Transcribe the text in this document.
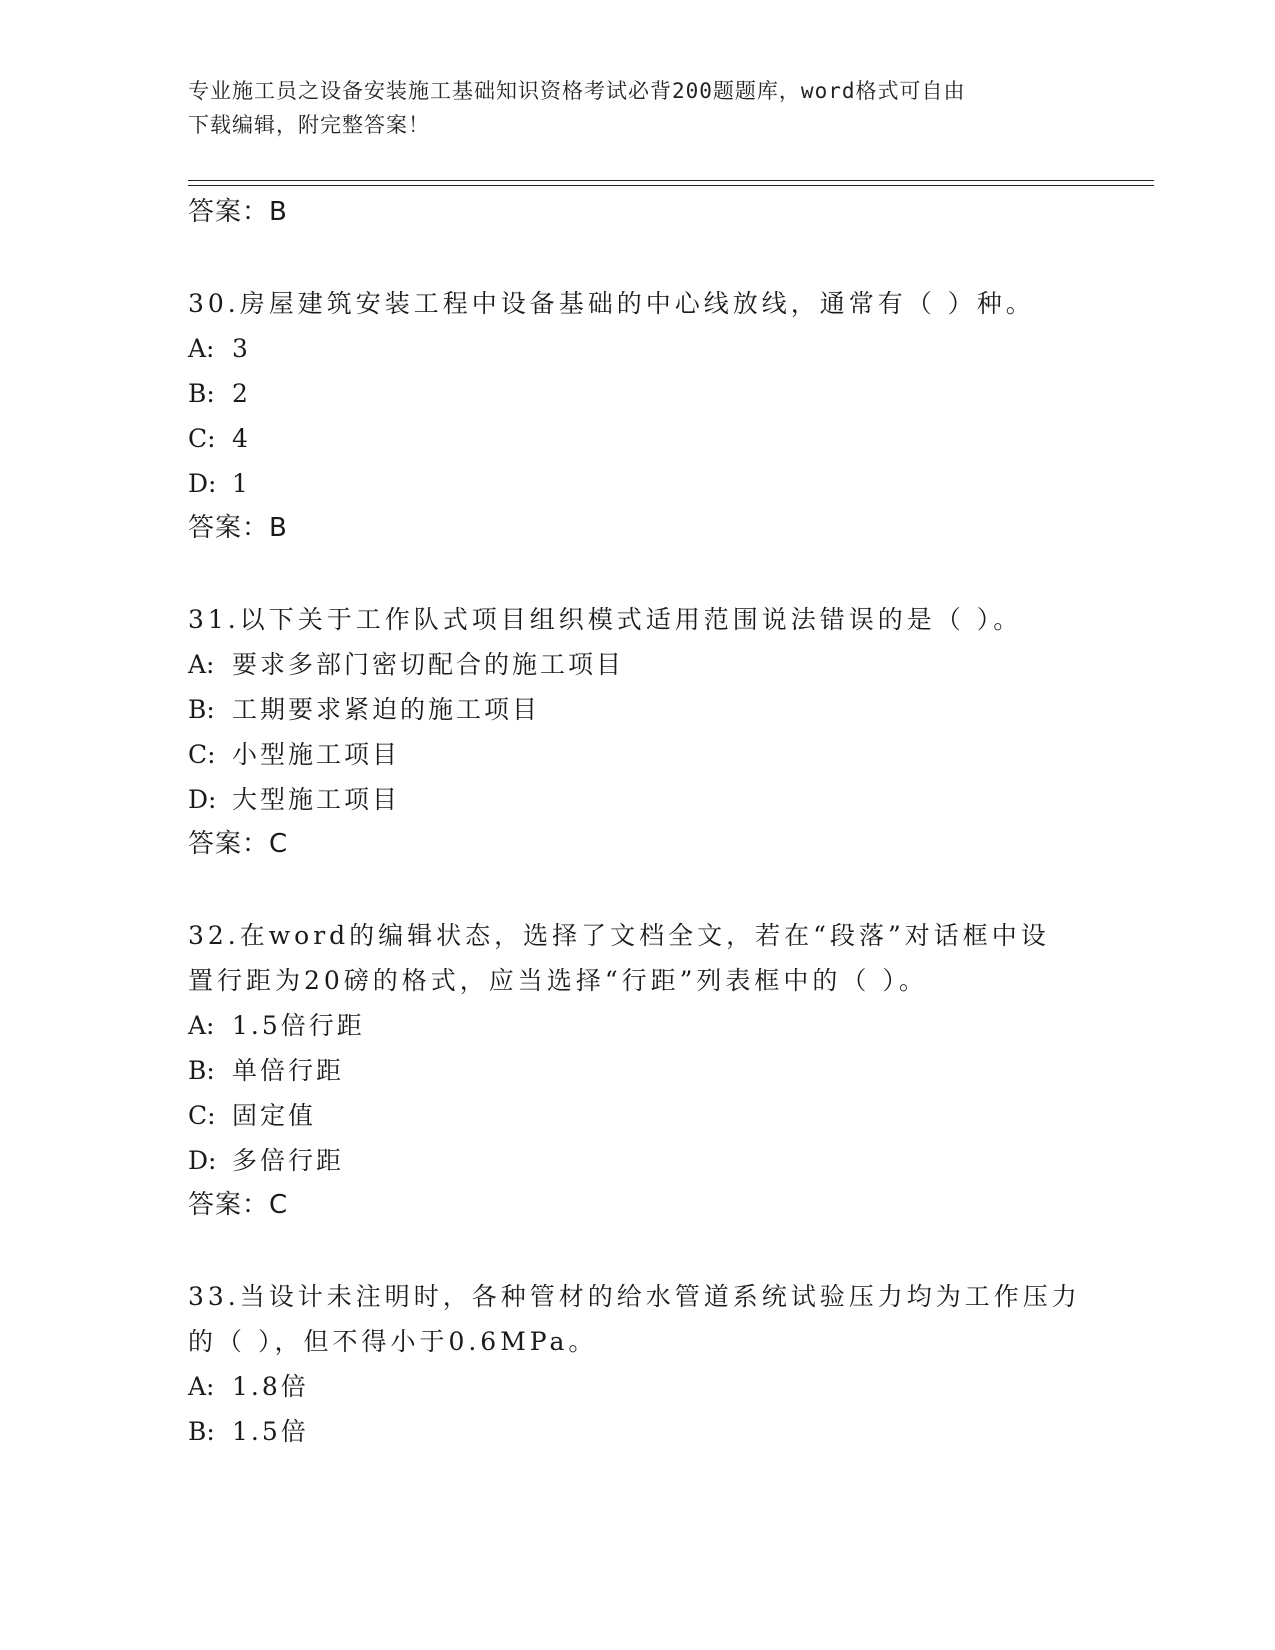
专业施工员之设备安装施工基础知识资格考试必背200题题库，word格式可自由
下载编辑，附完整答案！
答案：B
30.房屋建筑安装工程中设备基础的中心线放线，通常有（ ）种。
A: 3
B: 2
C: 4
D: 1
答案：B
31.以下关于工作队式项目组织模式适用范围说法错误的是（ ）。
A: 要求多部门密切配合的施工项目
B: 工期要求紧迫的施工项目
C: 小型施工项目
D: 大型施工项目
答案：C
32.在word的编辑状态，选择了文档全文，若在“段落”对话框中设
置行距为20磅的格式，应当选择“行距”列表框中的（ ）。
A: 1.5倍行距
B: 单倍行距
C: 固定值
D: 多倍行距
答案：C
33.当设计未注明时，各种管材的给水管道系统试验压力均为工作压力
的（ ），但不得小于0.6MPa。
A: 1.8倍
B: 1.5倍
